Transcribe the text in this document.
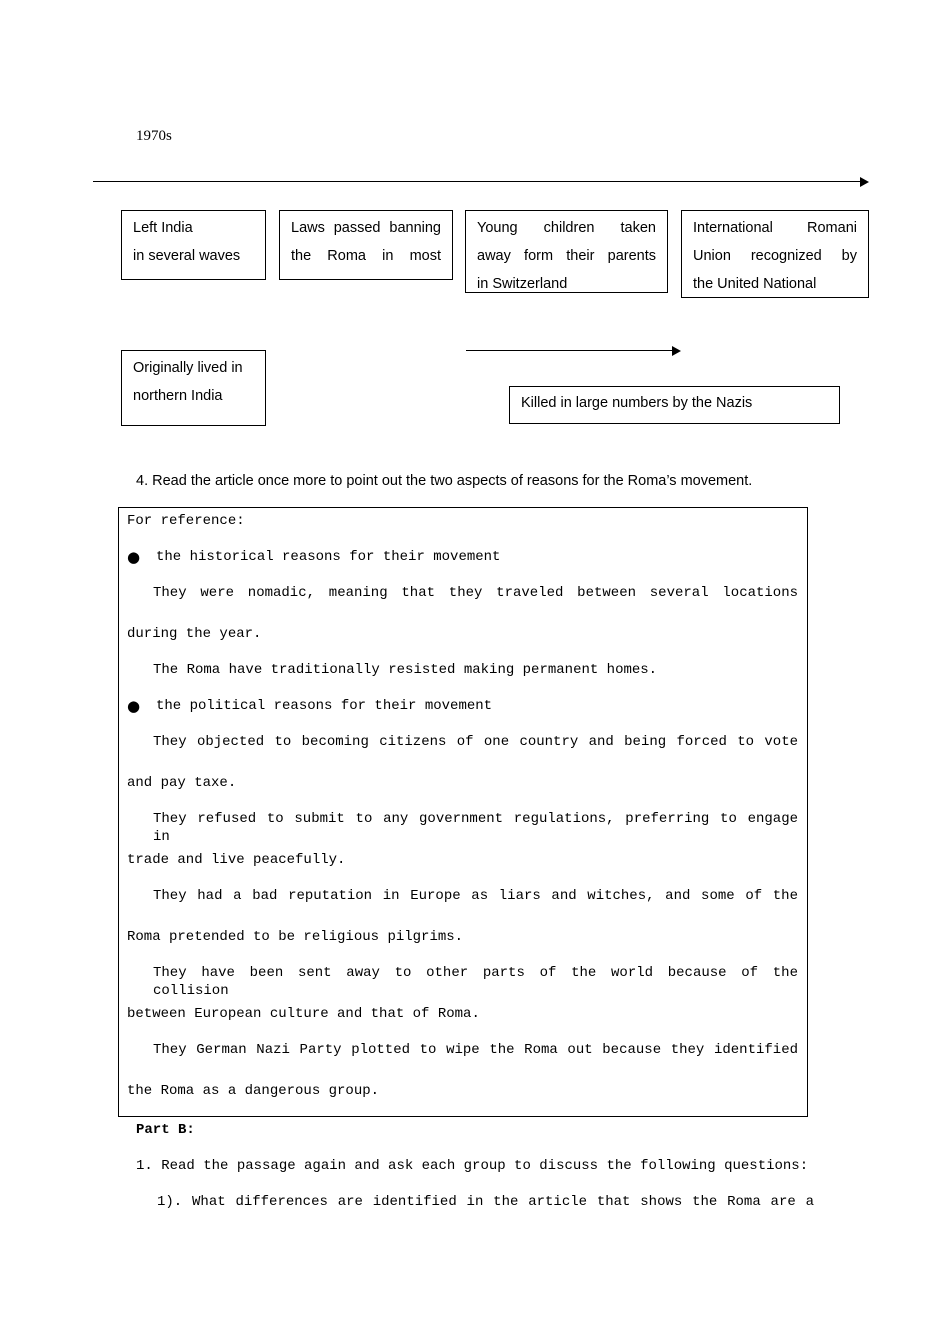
1970s
Left India
in several waves
Laws passed banning
the Roma in most
Young children taken
away form their parents
in Switzerland
International Romani
Union recognized by
the United National
Originally lived in
northern India	Killed in large numbers by the Nazis
4. Read the article once more to point out the two aspects of reasons for the Roma’s movement.
For reference:
● the historical reasons for their movement
They were nomadic, meaning that they traveled between several locations
during the year.
The Roma have traditionally resisted making permanent homes.
● the political reasons for their movement
They objected to becoming citizens of one country and being forced to vote
and pay taxe.
They refused to submit to any government regulations, preferring to engage in
trade and live peacefully.
They had a bad reputation in Europe as liars and witches, and some of the
Roma pretended to be religious pilgrims.
They have been sent away to other parts of the world because of the collision
between European culture and that of Roma.
They German Nazi Party plotted to wipe the Roma out because they identified
the Roma as a dangerous group.
Part B:
1. Read the passage again and ask each group to discuss the following questions:
1). What differences are identified in the article that shows the Roma are a
